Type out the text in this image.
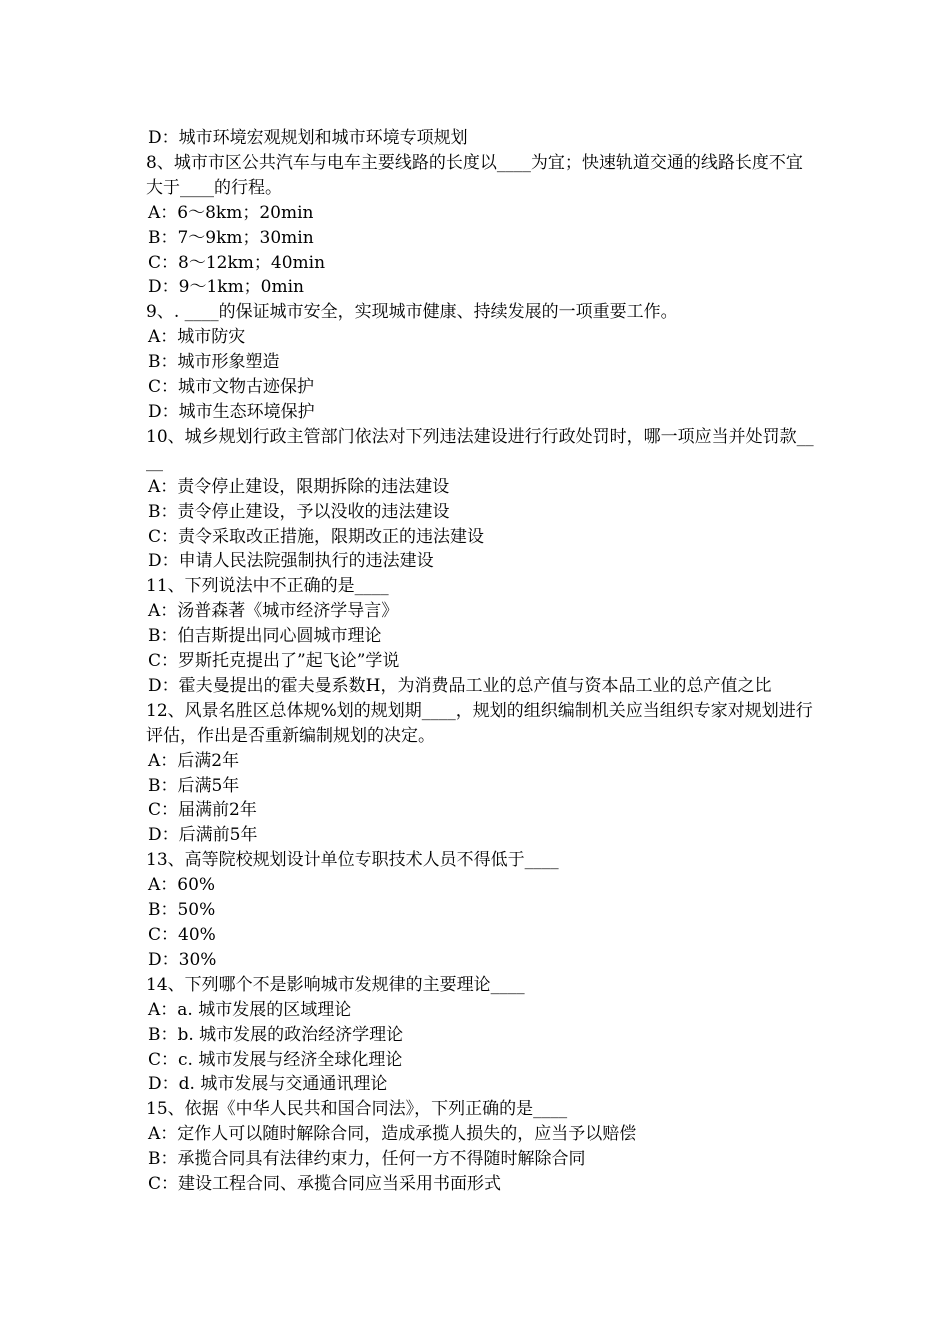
D：城市环境宏观规划和城市环境专项规划

8、城市市区公共汽车与电车主要线路的长度以____为宜；快速轨道交通的线路长度不宜大于____的行程。

A：6～8km；20min

B：7～9km；30min

C：8～12km；40min

D：9～1km；0min

9、. ____的保证城市安全，实现城市健康、持续发展的一项重要工作。

A：城市防灾

B：城市形象塑造

C：城市文物古迹保护

D：城市生态环境保护

10、城乡规划行政主管部门依法对下列违法建设进行行政处罚时，哪一项应当并处罚款____

A：责令停止建设，限期拆除的违法建设

B：责令停止建设，予以没收的违法建设

C：责令采取改正措施，限期改正的违法建设

D：申请人民法院强制执行的违法建设

11、下列说法中不正确的是____

A：汤普森著《城市经济学导言》

B：伯吉斯提出同心圆城市理论

C：罗斯托克提出了”起飞论”学说

D：霍夫曼提出的霍夫曼系数H，为消费品工业的总产值与资本品工业的总产值之比

12、风景名胜区总体规%划的规划期____，规划的组织编制机关应当组织专家对规划进行评估，作出是否重新编制规划的决定。

A：后满2年

B：后满5年

C：届满前2年

D：后满前5年

13、高等院校规划设计单位专职技术人员不得低于____

A：60%

B：50%

C：40%

D：30%

14、下列哪个不是影响城市发规律的主要理论____

A：a. 城市发展的区域理论

B：b. 城市发展的政治经济学理论

C：c. 城市发展与经济全球化理论

D：d. 城市发展与交通通讯理论

15、依据《中华人民共和国合同法》，下列正确的是____

A：定作人可以随时解除合同，造成承揽人损失的，应当予以赔偿

B：承揽合同具有法律约束力，任何一方不得随时解除合同

C：建设工程合同、承揽合同应当采用书面形式
